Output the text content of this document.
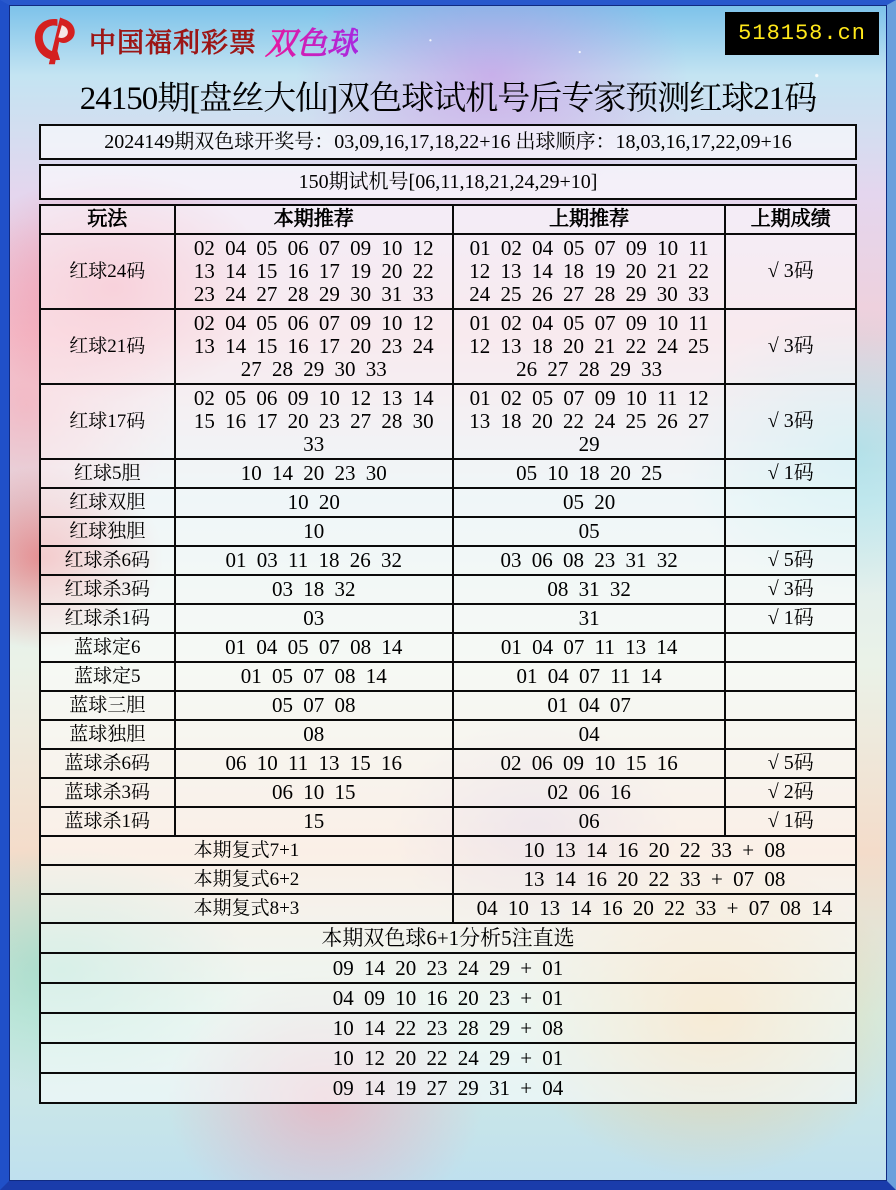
中国福利彩票 双色球	518158.cn
24150期[盘丝大仙]双色球试机号后专家预测红球21码
2024149期双色球开奖号：03,09,16,17,18,22+16 出球顺序：18,03,16,17,22,09+16
150期试机号[06,11,18,21,24,29+10]
玩法	本期推荐	上期推荐	上期成绩
红球24码	02 04 05 06 07 09 10 12 13 14 15 16 17 19 20 22 23 24 27 28 29 30 31 33	01 02 04 05 07 09 10 11 12 13 14 18 19 20 21 22 24 25 26 27 28 29 30 33	√ 3码
红球21码	02 04 05 06 07 09 10 12 13 14 15 16 17 20 23 24 27 28 29 30 33	01 02 04 05 07 09 10 11 12 13 18 20 21 22 24 25 26 27 28 29 33	√ 3码
红球17码	02 05 06 09 10 12 13 14 15 16 17 20 23 27 28 30 33	01 02 05 07 09 10 11 12 13 18 20 22 24 25 26 27 29	√ 3码
红球5胆	10 14 20 23 30	05 10 18 20 25	√ 1码
红球双胆	10 20	05 20	
红球独胆	10	05	
红球杀6码	01 03 11 18 26 32	03 06 08 23 31 32	√ 5码
红球杀3码	03 18 32	08 31 32	√ 3码
红球杀1码	03	31	√ 1码
蓝球定6	01 04 05 07 08 14	01 04 07 11 13 14	
蓝球定5	01 05 07 08 14	01 04 07 11 14	
蓝球三胆	05 07 08	01 04 07	
蓝球独胆	08	04	
蓝球杀6码	06 10 11 13 15 16	02 06 09 10 15 16	√ 5码
蓝球杀3码	06 10 15	02 06 16	√ 2码
蓝球杀1码	15	06	√ 1码
本期复式7+1		10 13 14 16 20 22 33 + 08	
本期复式6+2		13 14 16 20 22 33 + 07 08	
本期复式8+3		04 10 13 14 16 20 22 33 + 07 08 14	
本期双色球6+1分析5注直选			
09 14 20 23 24 29 + 01			
04 09 10 16 20 23 + 01			
10 14 22 23 28 29 + 08			
10 12 20 22 24 29 + 01			
09 14 19 27 29 31 + 04			
